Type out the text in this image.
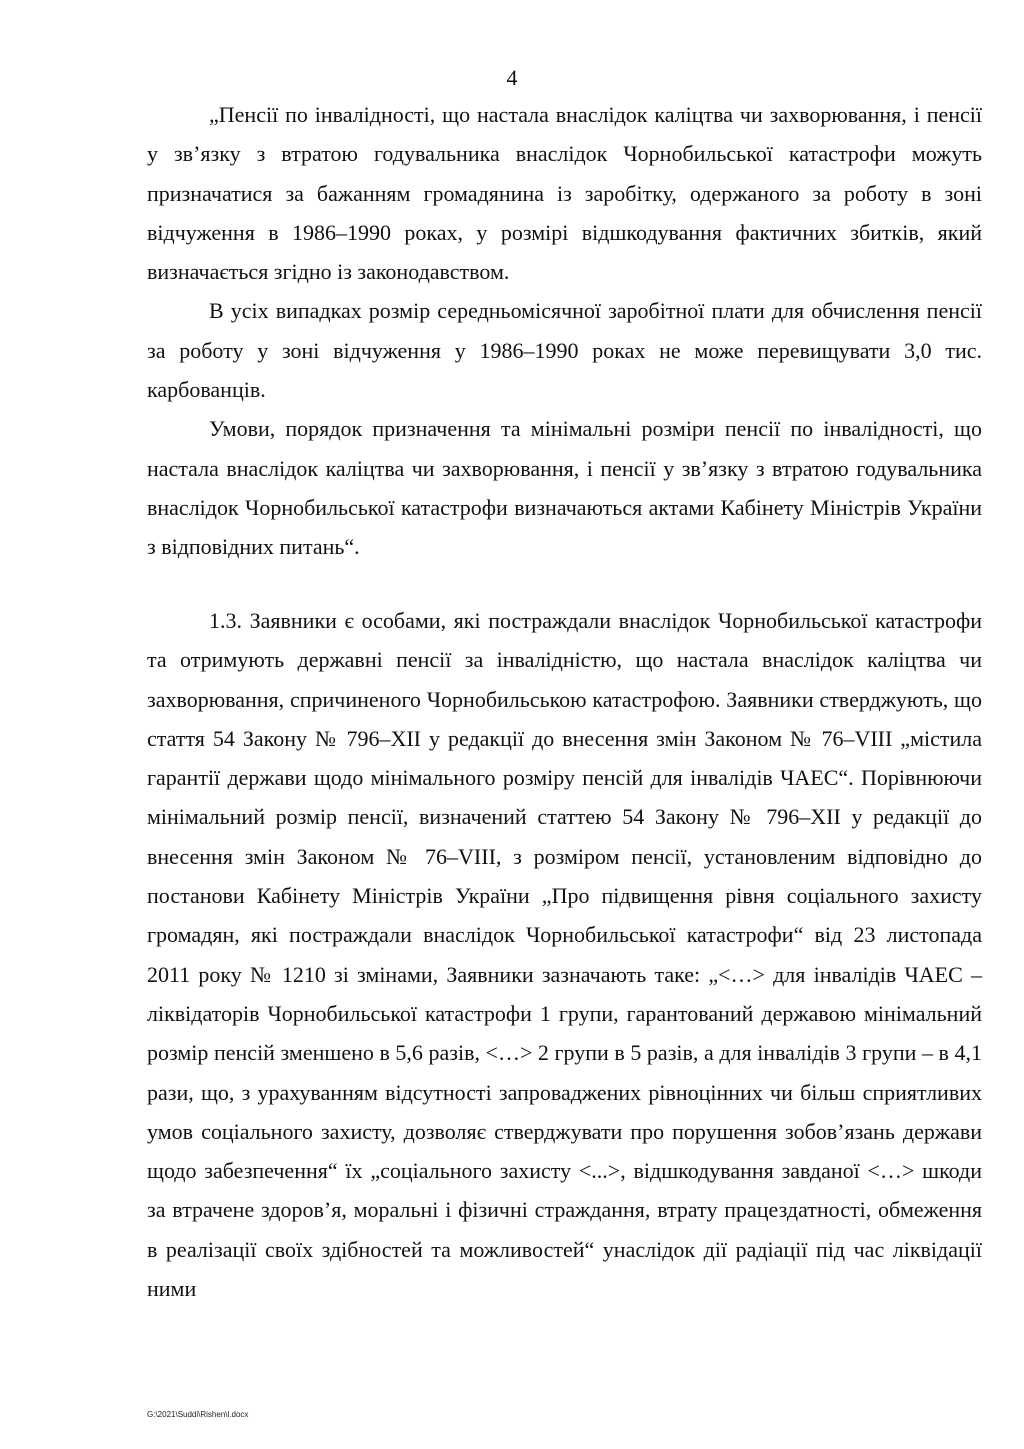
4

„Пенсії по інвалідності, що настала внаслідок каліцтва чи захворювання, і пенсії у зв’язку з втратою годувальника внаслідок Чорнобильської катастрофи можуть призначатися за бажанням громадянина із заробітку, одержаного за роботу в зоні відчуження в 1986–1990 роках, у розмірі відшкодування фактичних збитків, який визначається згідно із законодавством.

В усіх випадках розмір середньомісячної заробітної плати для обчислення пенсії за роботу у зоні відчуження у 1986–1990 роках не може перевищувати 3,0 тис. карбованців.

Умови, порядок призначення та мінімальні розміри пенсії по інвалідності, що настала внаслідок каліцтва чи захворювання, і пенсії у зв’язку з втратою годувальника внаслідок Чорнобильської катастрофи визначаються актами Кабінету Міністрів України з відповідних питань“.

1.3. Заявники є особами, які постраждали внаслідок Чорнобильської катастрофи та отримують державні пенсії за інвалідністю, що настала внаслідок каліцтва чи захворювання, спричиненого Чорнобильською катастрофою. Заявники стверджують, що стаття 54 Закону № 796–XII у редакції до внесення змін Законом № 76–VIII „містила гарантії держави щодо мінімального розміру пенсій для інвалідів ЧАЕС“. Порівнюючи мінімальний розмір пенсії, визначений статтею 54 Закону № 796–XII у редакції до внесення змін Законом № 76–VIII, з розміром пенсії, установленим відповідно до постанови Кабінету Міністрів України „Про підвищення рівня соціального захисту громадян, які постраждали внаслідок Чорнобильської катастрофи“ від 23 листопада 2011 року № 1210 зі змінами, Заявники зазначають таке: „<…> для інвалідів ЧАЕС – ліквідаторів Чорнобильської катастрофи 1 групи, гарантований державою мінімальний розмір пенсій зменшено в 5,6 разів, <…> 2 групи в 5 разів, а для інвалідів 3 групи – в 4,1 рази, що, з урахуванням відсутності запроваджених рівноцінних чи більш сприятливих умов соціального захисту, дозволяє стверджувати про порушення зобов’язань держави щодо забезпечення“ їх „соціального захисту <...>, відшкодування завданої <…> шкоди за втрачене здоров’я, моральні і фізичні страждання, втрату працездатності, обмеження в реалізації своїх здібностей та можливостей“ унаслідок дії радіації під час ліквідації ними

G:\2021\Suddi\Rishen\l.docx
